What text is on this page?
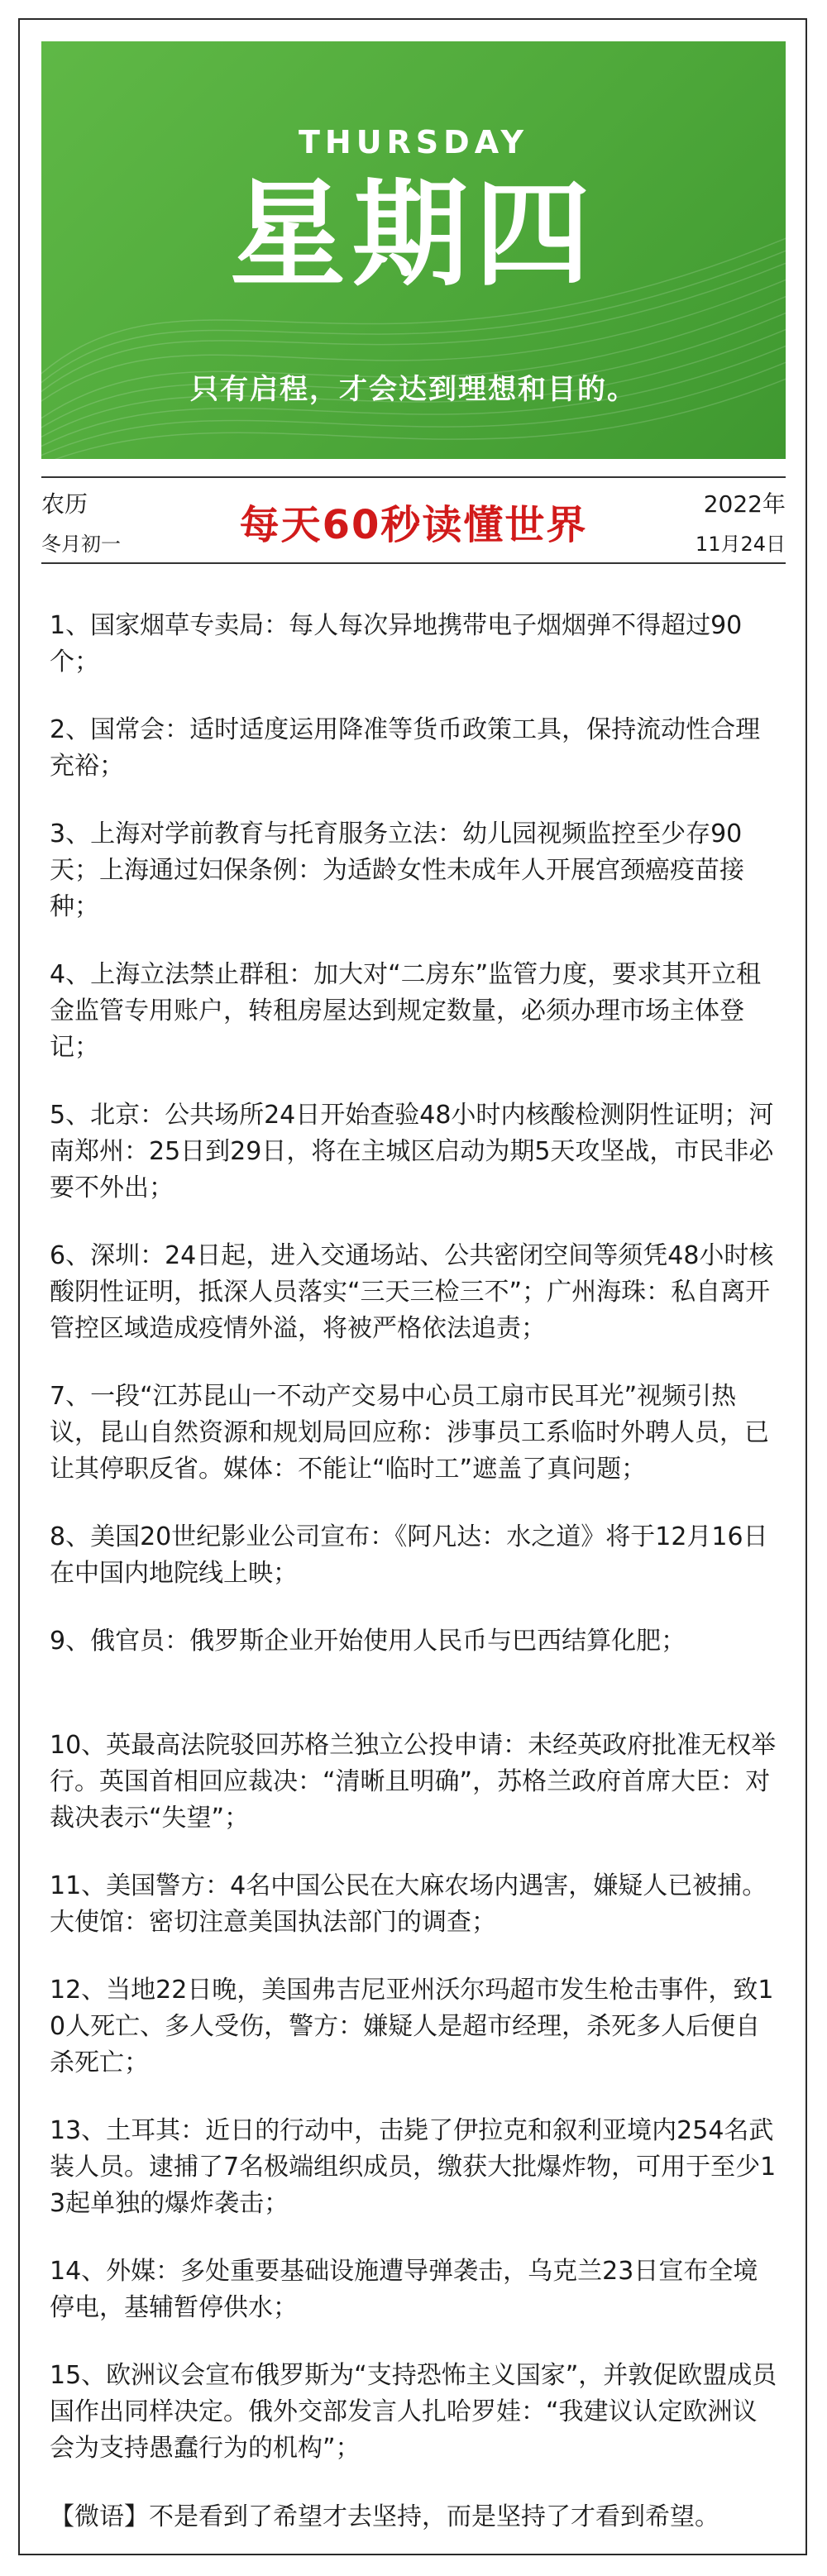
THURSDAY
星期四
只有启程，才会达到理想和目的。
农历
冬月初一	每天60秒读懂世界	2022年
11月24日

1、国家烟草专卖局：每人每次异地携带电子烟烟弹不得超过90个；

2、国常会：适时适度运用降准等货币政策工具，保持流动性合理充裕；

3、上海对学前教育与托育服务立法：幼儿园视频监控至少存90天；上海通过妇保条例：为适龄女性未成年人开展宫颈癌疫苗接种；

4、上海立法禁止群租：加大对“二房东”监管力度，要求其开立租金监管专用账户，转租房屋达到规定数量，必须办理市场主体登记；

5、北京：公共场所24日开始查验48小时内核酸检测阴性证明；河南郑州：25日到29日，将在主城区启动为期5天攻坚战，市民非必要不外出；

6、深圳：24日起，进入交通场站、公共密闭空间等须凭48小时核酸阴性证明，抵深人员落实“三天三检三不”；广州海珠：私自离开管控区域造成疫情外溢，将被严格依法追责；

7、一段“江苏昆山一不动产交易中心员工扇市民耳光”视频引热议，昆山自然资源和规划局回应称：涉事员工系临时外聘人员，已让其停职反省。媒体：不能让“临时工”遮盖了真问题；

8、美国20世纪影业公司宣布：《阿凡达：水之道》将于12月16日在中国内地院线上映；

9、俄官员：俄罗斯企业开始使用人民币与巴西结算化肥；

10、英最高法院驳回苏格兰独立公投申请：未经英政府批准无权举行。英国首相回应裁决：“清晰且明确”，苏格兰政府首席大臣：对裁决表示“失望”；

11、美国警方：4名中国公民在大麻农场内遇害，嫌疑人已被捕。大使馆：密切注意美国执法部门的调查；

12、当地22日晚，美国弗吉尼亚州沃尔玛超市发生枪击事件，致10人死亡、多人受伤，警方：嫌疑人是超市经理，杀死多人后便自杀死亡；

13、土耳其：近日的行动中，击毙了伊拉克和叙利亚境内254名武装人员。逮捕了7名极端组织成员，缴获大批爆炸物，可用于至少13起单独的爆炸袭击；

14、外媒：多处重要基础设施遭导弹袭击，乌克兰23日宣布全境停电，基辅暂停供水；

15、欧洲议会宣布俄罗斯为“支持恐怖主义国家”，并敦促欧盟成员国作出同样决定。俄外交部发言人扎哈罗娃：“我建议认定欧洲议会为支持愚蠢行为的机构”；

【微语】不是看到了希望才去坚持，而是坚持了才看到希望。
